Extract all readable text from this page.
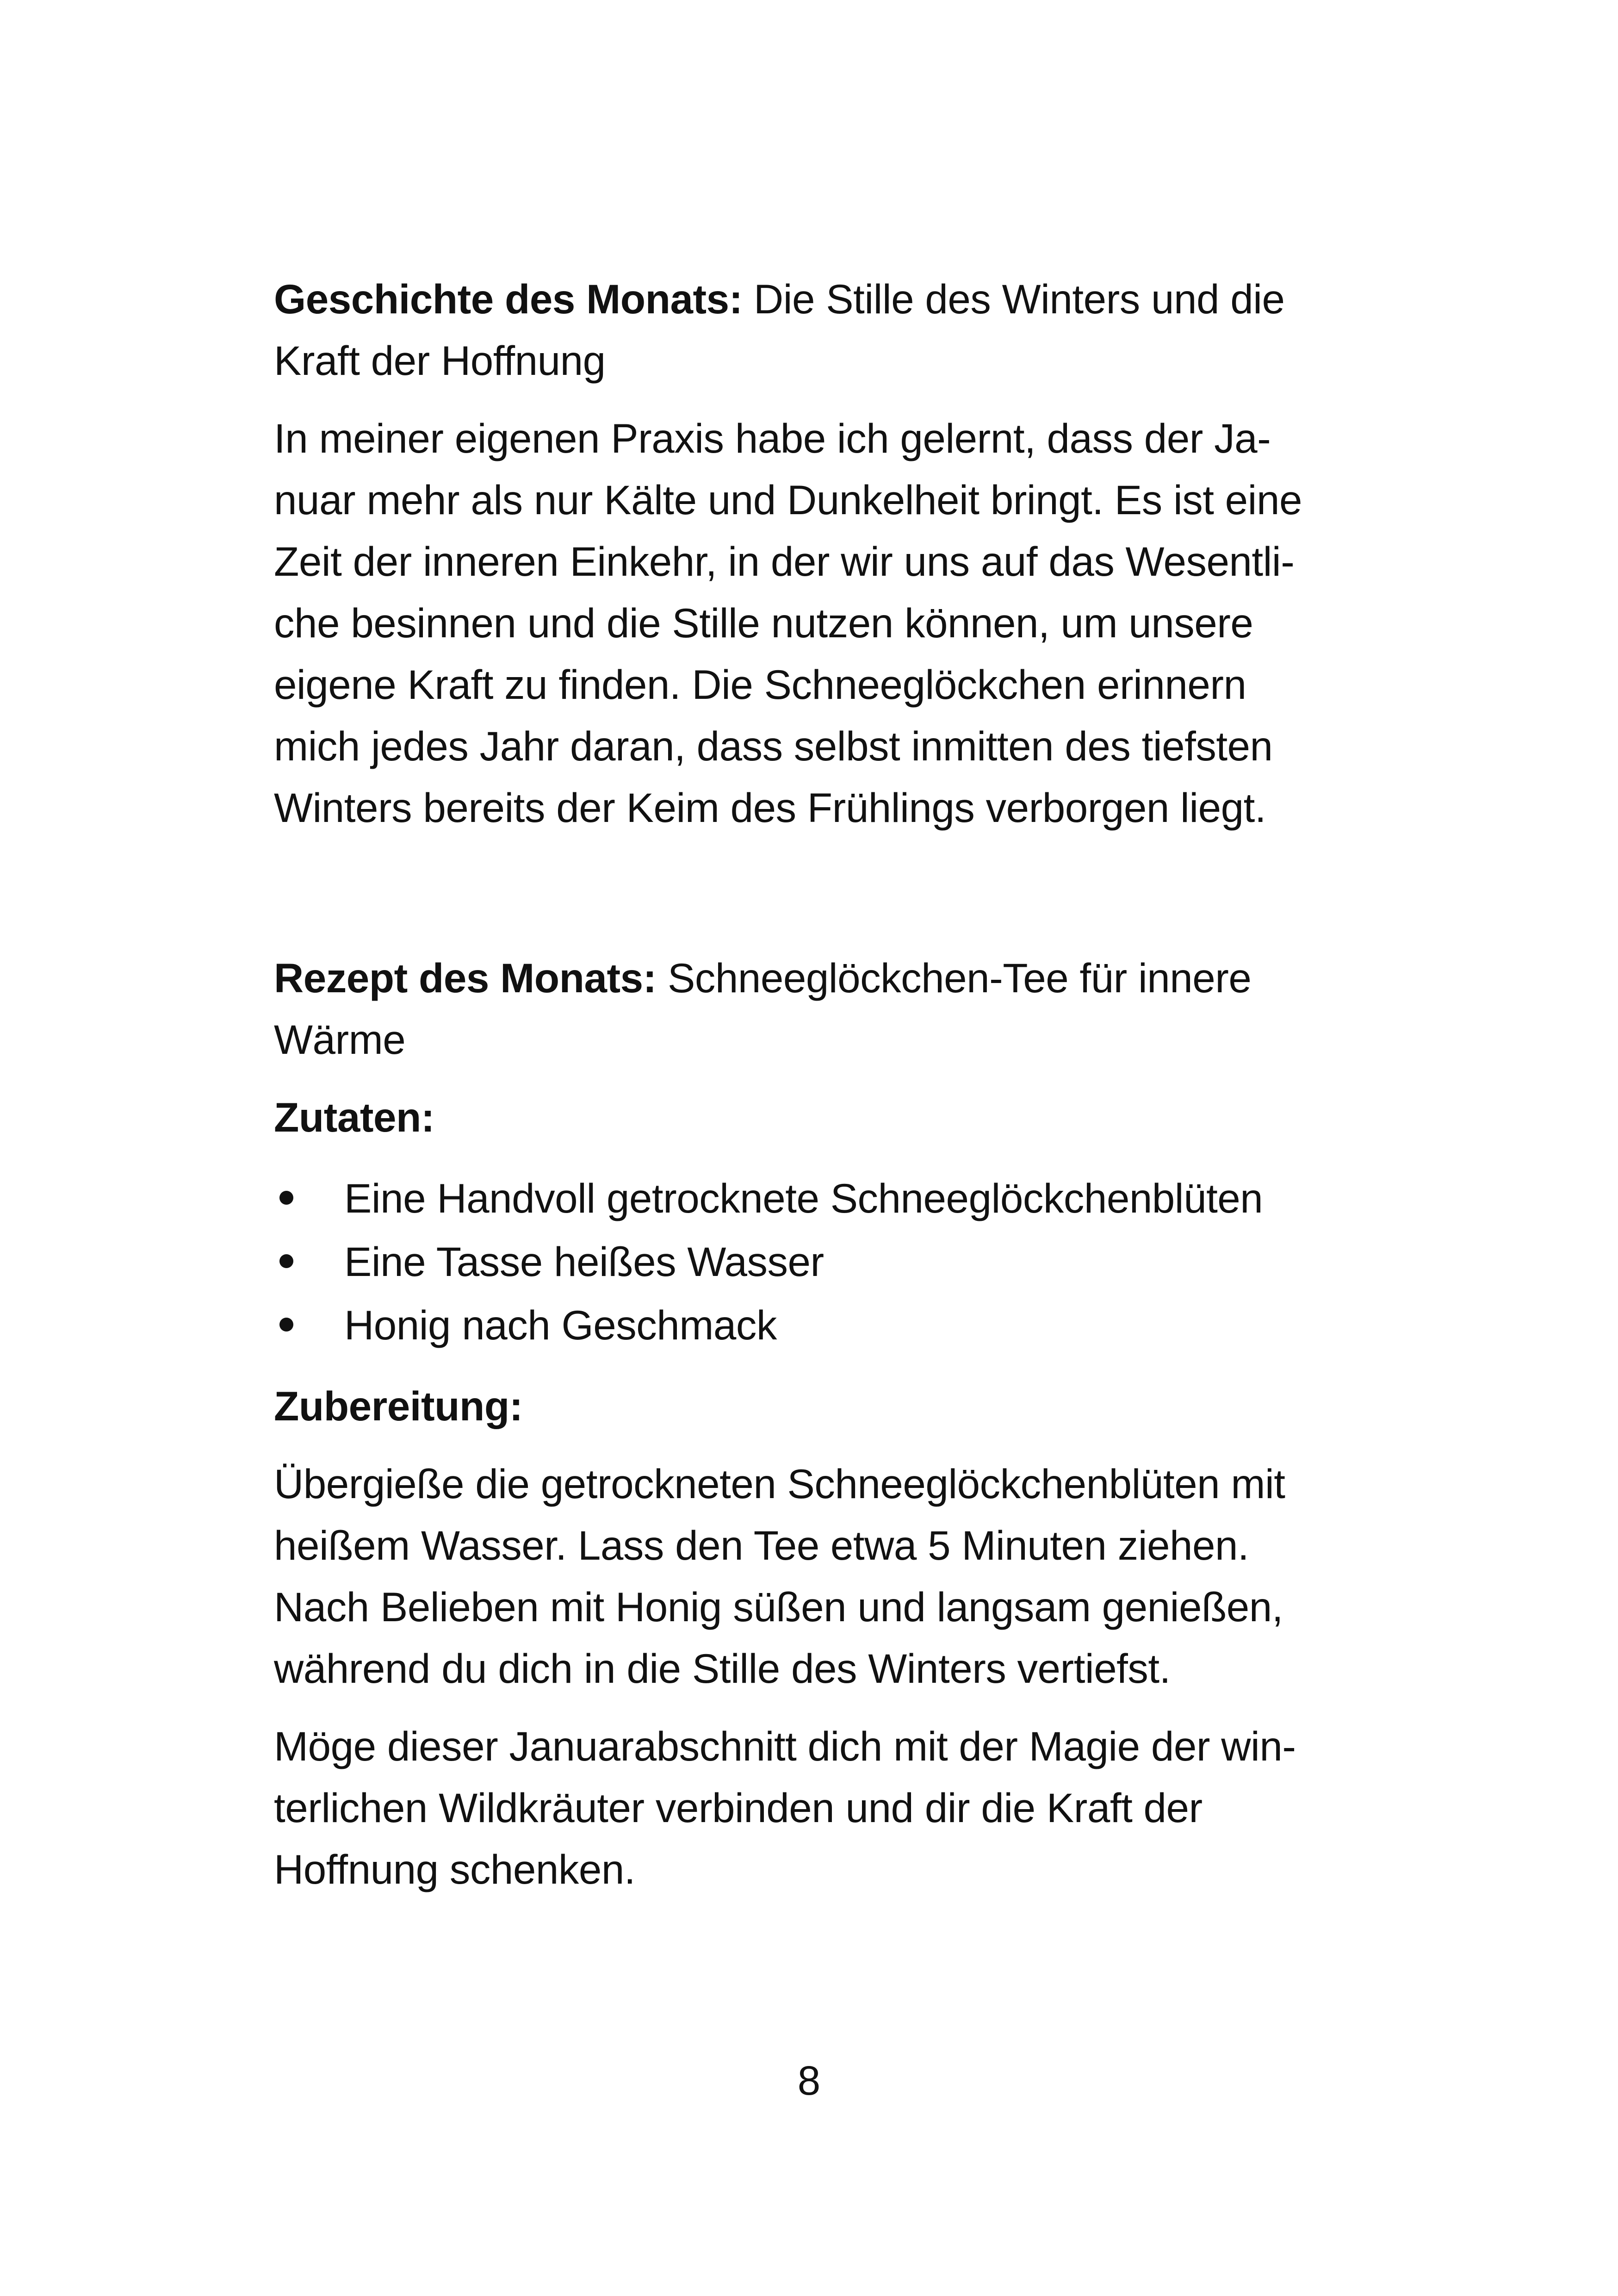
Geschichte des Monats: Die Stille des Winters und die Kraft der Hoffnung
In meiner eigenen Praxis habe ich gelernt, dass der Ja-
nuar mehr als nur Kälte und Dunkelheit bringt. Es ist eine
Zeit der inneren Einkehr, in der wir uns auf das Wesentli-
che besinnen und die Stille nutzen können, um unsere
eigene Kraft zu finden. Die Schneeglöckchen erinnern
mich jedes Jahr daran, dass selbst inmitten des tiefsten
Winters bereits der Keim des Frühlings verborgen liegt.
Rezept des Monats: Schneeglöckchen-Tee für innere Wärme
Zutaten:
Eine Handvoll getrocknete Schneeglöckchenblüten
Eine Tasse heißes Wasser
Honig nach Geschmack
Zubereitung:
Übergieße die getrockneten Schneeglöckchenblüten mit
heißem Wasser. Lass den Tee etwa 5 Minuten ziehen.
Nach Belieben mit Honig süßen und langsam genießen,
während du dich in die Stille des Winters vertiefst.
Möge dieser Januarabschnitt dich mit der Magie der win-
terlichen Wildkräuter verbinden und dir die Kraft der
Hoffnung schenken.
8
